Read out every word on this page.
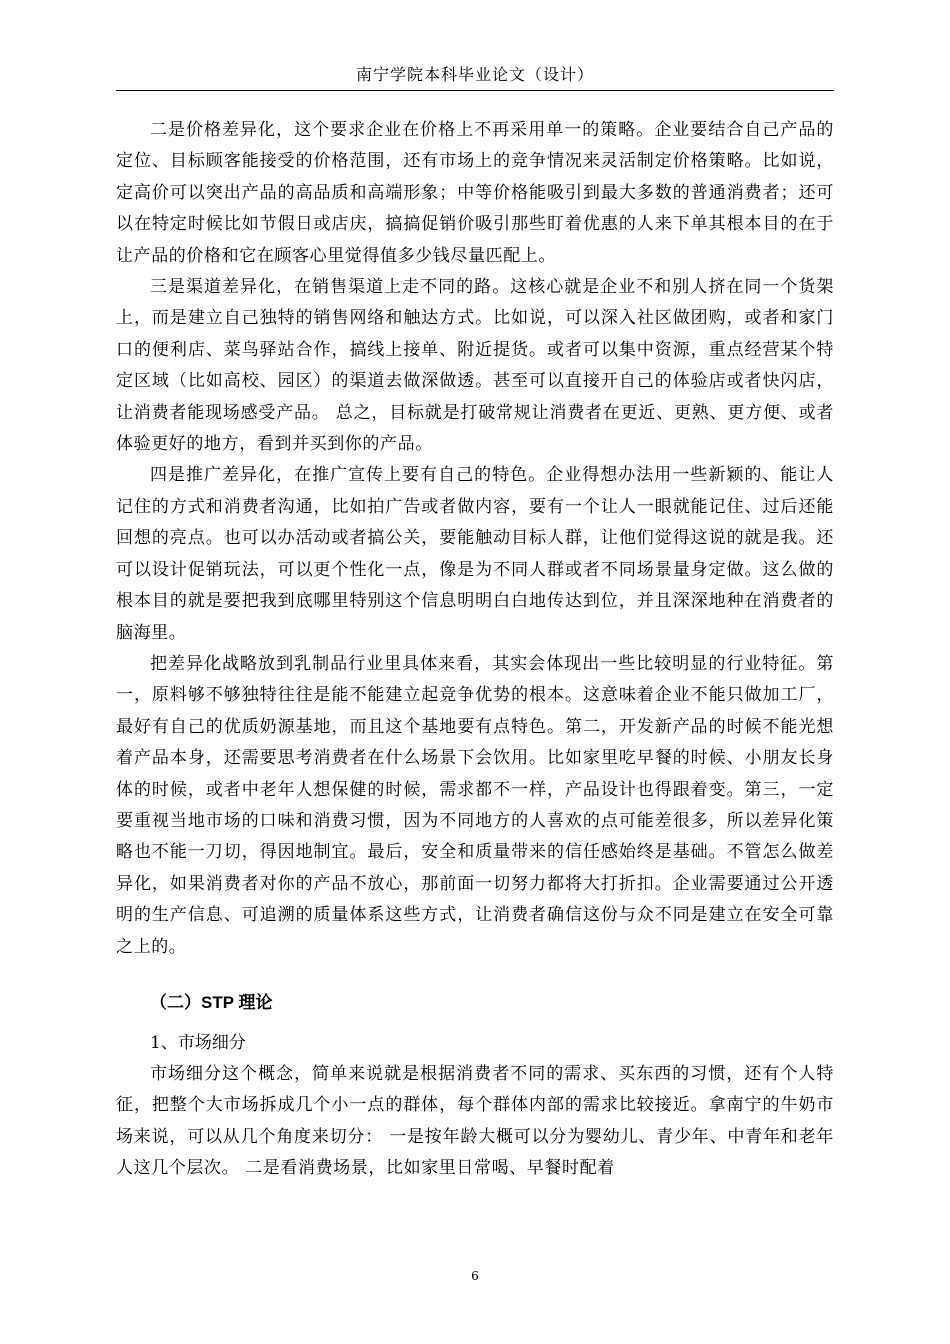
南宁学院本科毕业论文（设计）

二是价格差异化，这个要求企业在价格上不再采用单一的策略。企业要结合自己产品的定位、目标顾客能接受的价格范围，还有市场上的竞争情况来灵活制定价格策略。比如说，定高价可以突出产品的高品质和高端形象；中等价格能吸引到最大多数的普通消费者；还可以在特定时候比如节假日或店庆，搞搞促销价吸引那些盯着优惠的人来下单其根本目的在于让产品的价格和它在顾客心里觉得值多少钱尽量匹配上。

三是渠道差异化，在销售渠道上走不同的路。这核心就是企业不和别人挤在同一个货架上，而是建立自己独特的销售网络和触达方式。比如说，可以深入社区做团购，或者和家门口的便利店、菜鸟驿站合作，搞线上接单、附近提货。或者可以集中资源，重点经营某个特定区域（比如高校、园区）的渠道去做深做透。甚至可以直接开自己的体验店或者快闪店，让消费者能现场感受产品。 总之，目标就是打破常规让消费者在更近、更熟、更方便、或者体验更好的地方，看到并买到你的产品。

四是推广差异化，在推广宣传上要有自己的特色。企业得想办法用一些新颖的、能让人记住的方式和消费者沟通，比如拍广告或者做内容，要有一个让人一眼就能记住、过后还能回想的亮点。也可以办活动或者搞公关，要能触动目标人群，让他们觉得这说的就是我。还可以设计促销玩法，可以更个性化一点，像是为不同人群或者不同场景量身定做。这么做的根本目的就是要把我到底哪里特别这个信息明明白白地传达到位，并且深深地种在消费者的脑海里。

把差异化战略放到乳制品行业里具体来看，其实会体现出一些比较明显的行业特征。第一，原料够不够独特往往是能不能建立起竞争优势的根本。这意味着企业不能只做加工厂，最好有自己的优质奶源基地，而且这个基地要有点特色。第二，开发新产品的时候不能光想着产品本身，还需要思考消费者在什么场景下会饮用。比如家里吃早餐的时候、小朋友长身体的时候，或者中老年人想保健的时候，需求都不一样，产品设计也得跟着变。第三，一定要重视当地市场的口味和消费习惯，因为不同地方的人喜欢的点可能差很多，所以差异化策略也不能一刀切，得因地制宜。最后，安全和质量带来的信任感始终是基础。不管怎么做差异化，如果消费者对你的产品不放心，那前面一切努力都将大打折扣。企业需要通过公开透明的生产信息、可追溯的质量体系这些方式，让消费者确信这份与众不同是建立在安全可靠之上的。

（二）STP 理论

1、市场细分

市场细分这个概念，简单来说就是根据消费者不同的需求、买东西的习惯，还有个人特征，把整个大市场拆成几个小一点的群体，每个群体内部的需求比较接近。拿南宁的牛奶市场来说，可以从几个角度来切分： 一是按年龄大概可以分为婴幼儿、青少年、中青年和老年人这几个层次。 二是看消费场景，比如家里日常喝、早餐时配着

6
